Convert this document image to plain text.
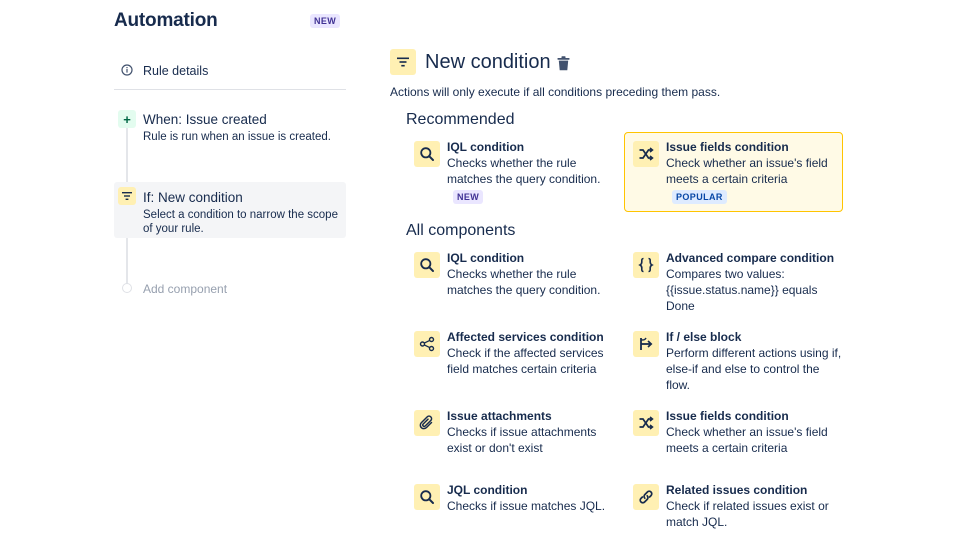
Automation	NEW
Rule details
+ When: Issue created
Rule is run when an issue is created.
If: New condition
Select a condition to narrow the scope of your rule.
Add component
New condition
Actions will only execute if all conditions preceding them pass.
Recommended
IQL condition
Checks whether the rule matches the query condition.
NEW
Issue fields condition
Check whether an issue's field meets a certain criteria
POPULAR
All components
IQL condition
Checks whether the rule matches the query condition.
Advanced compare condition
Compares two values: {{issue.status.name}} equals Done
Affected services condition
Check if the affected services field matches certain criteria
If / else block
Perform different actions using if, else-if and else to control the flow.
Issue attachments
Checks if issue attachments exist or don't exist
Issue fields condition
Check whether an issue's field meets a certain criteria
JQL condition
Checks if issue matches JQL.
Related issues condition
Check if related issues exist or match JQL.
